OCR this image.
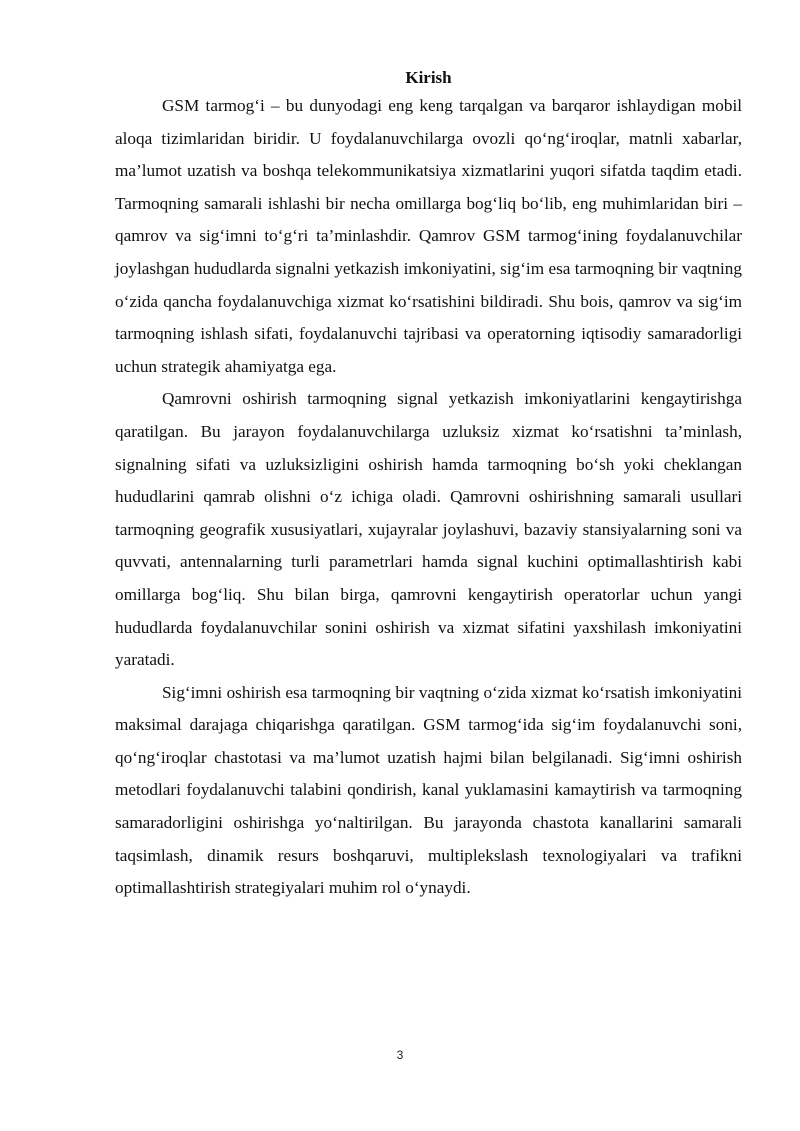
Kirish

GSM tarmog‘i – bu dunyodagi eng keng tarqalgan va barqaror ishlaydigan mobil aloqa tizimlaridan biridir. U foydalanuvchilarga ovozli qo‘ng‘iroqlar, matnli xabarlar, ma’lumot uzatish va boshqa telekommunikatsiya xizmatlarini yuqori sifatda taqdim etadi. Tarmoqning samarali ishlashi bir necha omillarga bog‘liq bo‘lib, eng muhimlaridan biri – qamrov va sig‘imni to‘g‘ri ta’minlashdir. Qamrov GSM tarmog‘ining foydalanuvchilar joylashgan hududlarda signalni yetkazish imkoniyatini, sig‘im esa tarmoqning bir vaqtning o‘zida qancha foydalanuvchiga xizmat ko‘rsatishini bildiradi. Shu bois, qamrov va sig‘im tarmoqning ishlash sifati, foydalanuvchi tajribasi va operatorning iqtisodiy samaradorligi uchun strategik ahamiyatga ega.

Qamrovni oshirish tarmoqning signal yetkazish imkoniyatlarini kengaytirishga qaratilgan. Bu jarayon foydalanuvchilarga uzluksiz xizmat ko‘rsatishni ta’minlash, signalning sifati va uzluksizligini oshirish hamda tarmoqning bo‘sh yoki cheklangan hududlarini qamrab olishni o‘z ichiga oladi. Qamrovni oshirishning samarali usullari tarmoqning geografik xususiyatlari, xujayralar joylashuvi, bazaviy stansiyalarning soni va quvvati, antennalarning turli parametrlari hamda signal kuchini optimallashtirish kabi omillarga bog‘liq. Shu bilan birga, qamrovni kengaytirish operatorlar uchun yangi hududlarda foydalanuvchilar sonini oshirish va xizmat sifatini yaxshilash imkoniyatini yaratadi.

Sig‘imni oshirish esa tarmoqning bir vaqtning o‘zida xizmat ko‘rsatish imkoniyatini maksimal darajaga chiqarishga qaratilgan. GSM tarmog‘ida sig‘im foydalanuvchi soni, qo‘ng‘iroqlar chastotasi va ma’lumot uzatish hajmi bilan belgilanadi. Sig‘imni oshirish metodlari foydalanuvchi talabini qondirish, kanal yuklamasini kamaytirish va tarmoqning samaradorligini oshirishga yo‘naltirilgan. Bu jarayonda chastota kanallarini samarali taqsimlash, dinamik resurs boshqaruvi, multiplekslash texnologiyalari va trafikni optimallashtirish strategiyalari muhim rol o‘ynaydi.

3
